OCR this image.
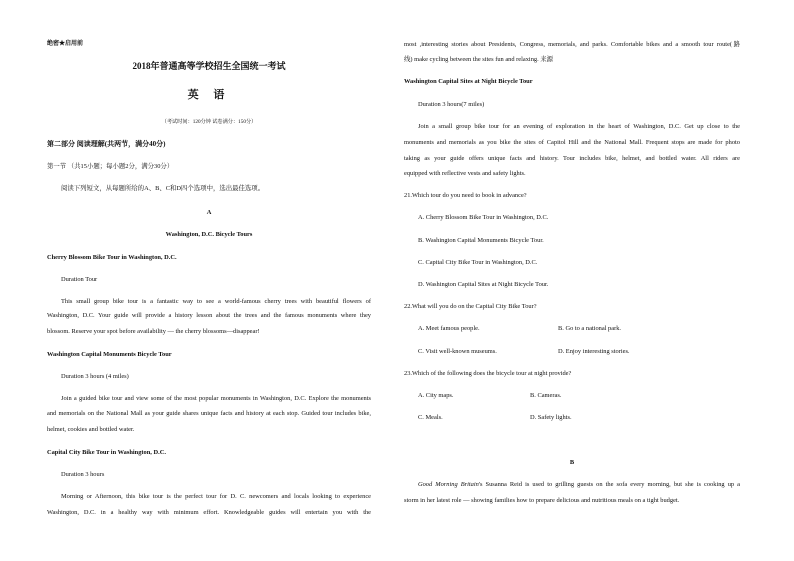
绝密★启用前
2018年普通高等学校招生全国统一考试
英 语
（考试时间：120分钟 试卷满分：150分）
第二部分 阅读理解(共两节，满分40分)
第一节 （共15小题；每小题2分，满分30分）
阅读下列短文，从每题所给的A、B、C和D四个选项中，选出最佳选项。
A
Washington, D.C. Bicycle Tours
Cherry Blossom Bike Tour in Washington, D.C.
Duration Tour
This small group bike tour is a fantastic way to see a world-famous cherry trees with beautiful flowers of
Washington, D.C. Your guide will provide a history lesson about the trees and the famous monuments where they
blossom. Reserve your spot before availability — the cherry blossoms—disappear!
Washington Capital Monuments Bicycle Tour
Duration 3 hours (4 miles)
Join a guided bike tour and view some of the most popular monuments in Washington, D.C. Explore the monuments
and memorials on the National Mall as your guide shares unique facts and history at each stop. Guided tour includes bike,
helmet, cookies and bottled water.
Capital City Bike Tour in Washington, D.C.
Duration 3 hours
Morning or Afternoon, this bike tour is the perfect tour for D. C. newcomers and locals looking to experience
Washington, D.C. in a healthy way with minimum effort. Knowledgeable guides will entertain you with the
most ,interesting stories about Presidents, Congress, memorials, and parks. Comfortable bikes and a smooth tour route(路
线) make cycling between the sites fun and relaxing. 来源
Washington Capital Sites at Night Bicycle Tour
Duration 3 hours(7 miles)
Join a small group bike tour for an evening of exploration in the heart of Washington, D.C. Get up close to the
monuments and memorials as you bike the sites of Capitol Hill and the National Mall. Frequent stops are made for photo
taking as your guide offers unique facts and history. Tour includes bike, helmet, and bottled water. All riders are
equipped with reflective vests and safety lights.
21.Which tour do you need to book in advance?
A. Cherry Blossom Bike Tour in Washington, D.C.
B. Washington Capital Monuments Bicycle Tour.
C. Capital City Bike Tour in Washington, D.C.
D. Washington Capital Sites at Night Bicycle Tour.
22.What will you do on the Capital City Bike Tour?
A. Meet famous people.	B. Go to a national park.
C. Visit well-known museums.	D. Enjoy interesting stories.
23.Which of the following does the bicycle tour at night provide?
A. City maps.	B. Cameras.
C. Meals.	D. Safety lights.
B
Good Morning Britain's Susanna Reid is used to grilling guests on the sofa every morning, but she is cooking up a
storm in her latest role — showing families how to prepare delicious and nutritious meals on a tight budget.
